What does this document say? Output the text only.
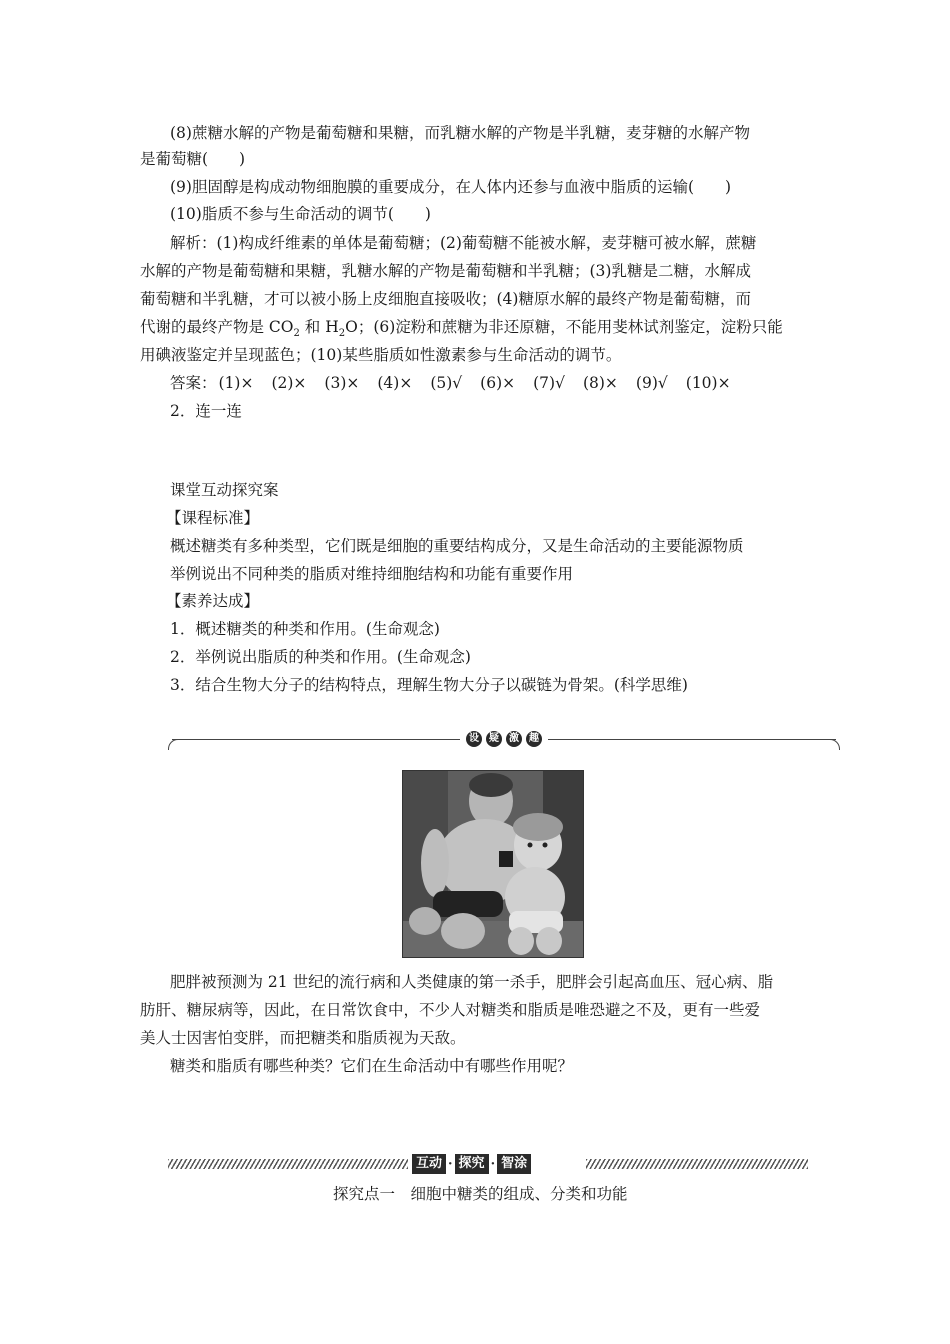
(8)蔗糖水解的产物是葡萄糖和果糖，而乳糖水解的产物是半乳糖，麦芽糖的水解产物
是葡萄糖(　　)
(9)胆固醇是构成动物细胞膜的重要成分，在人体内还参与血液中脂质的运输(　　)
(10)脂质不参与生命活动的调节(　　)
解析：(1)构成纤维素的单体是葡萄糖；(2)葡萄糖不能被水解，麦芽糖可被水解，蔗糖
水解的产物是葡萄糖和果糖，乳糖水解的产物是葡萄糖和半乳糖；(3)乳糖是二糖，水解成
葡萄糖和半乳糖，才可以被小肠上皮细胞直接吸收；(4)糖原水解的最终产物是葡萄糖，而
代谢的最终产物是 $CO_2$ 和 $H_2O$；(6)淀粉和蔗糖为非还原糖，不能用斐林试剂鉴定，淀粉只能
用碘液鉴定并呈现蓝色；(10)某些脂质如性激素参与生命活动的调节。
答案： (1)× (2)× (3)× (4)× (5)√ (6)× (7)√ (8)× (9)√ (10)×
2．连一连
课堂互动探究案
【课程标准】
概述糖类有多种类型，它们既是细胞的重要结构成分，又是生命活动的主要能源物质
举例说出不同种类的脂质对维持细胞结构和功能有重要作用
【素养达成】
1．概述糖类的种类和作用。(生命观念)
2．举例说出脂质的种类和作用。(生命观念)
3．结合生物大分子的结构特点，理解生物大分子以碳链为骨架。(科学思维)
设	疑	激	趣
肥胖被预测为 21 世纪的流行病和人类健康的第一杀手，肥胖会引起高血压、冠心病、脂
肪肝、糖尿病等，因此，在日常饮食中，不少人对糖类和脂质是唯恐避之不及，更有一些爱
美人士因害怕变胖，而把糖类和脂质视为天敌。
糖类和脂质有哪些种类？它们在生命活动中有哪些作用呢？
互动 · 探究 · 智涂
探究点一　细胞中糖类的组成、分类和功能
